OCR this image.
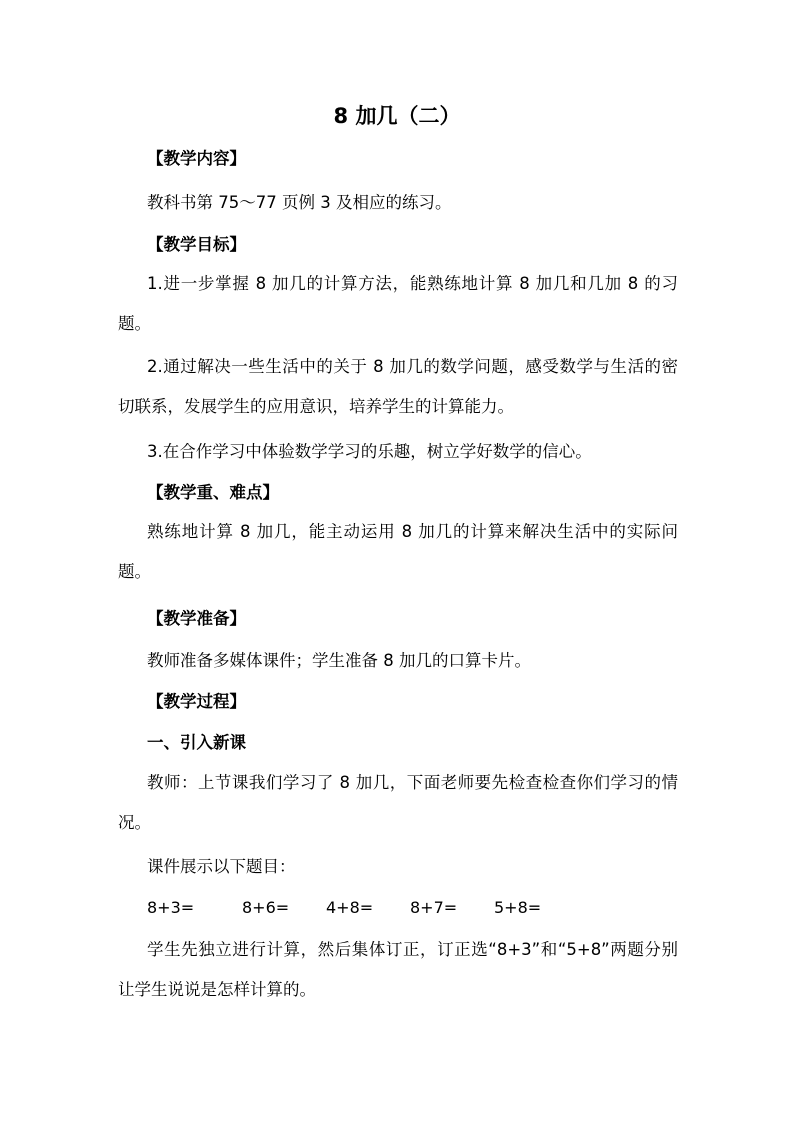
8 加几（二）
【教学内容】
教科书第 75～77 页例 3 及相应的练习。
【教学目标】
1.进一步掌握 8 加几的计算方法，能熟练地计算 8 加几和几加 8 的习题。
2.通过解决一些生活中的关于 8 加几的数学问题，感受数学与生活的密切联系，发展学生的应用意识，培养学生的计算能力。
3.在合作学习中体验数学学习的乐趣，树立学好数学的信心。
【教学重、难点】
熟练地计算 8 加几，能主动运用 8 加几的计算来解决生活中的实际问题。
【教学准备】
教师准备多媒体课件；学生准备 8 加几的口算卡片。
【教学过程】
一、引入新课
教师：上节课我们学习了 8 加几，下面老师要先检查检查你们学习的情况。
课件展示以下题目：
8+3=	8+6= 4+8= 8+7= 5+8=
学生先独立进行计算，然后集体订正，订正选“8+3”和“5+8”两题分别让学生说说是怎样计算的。
